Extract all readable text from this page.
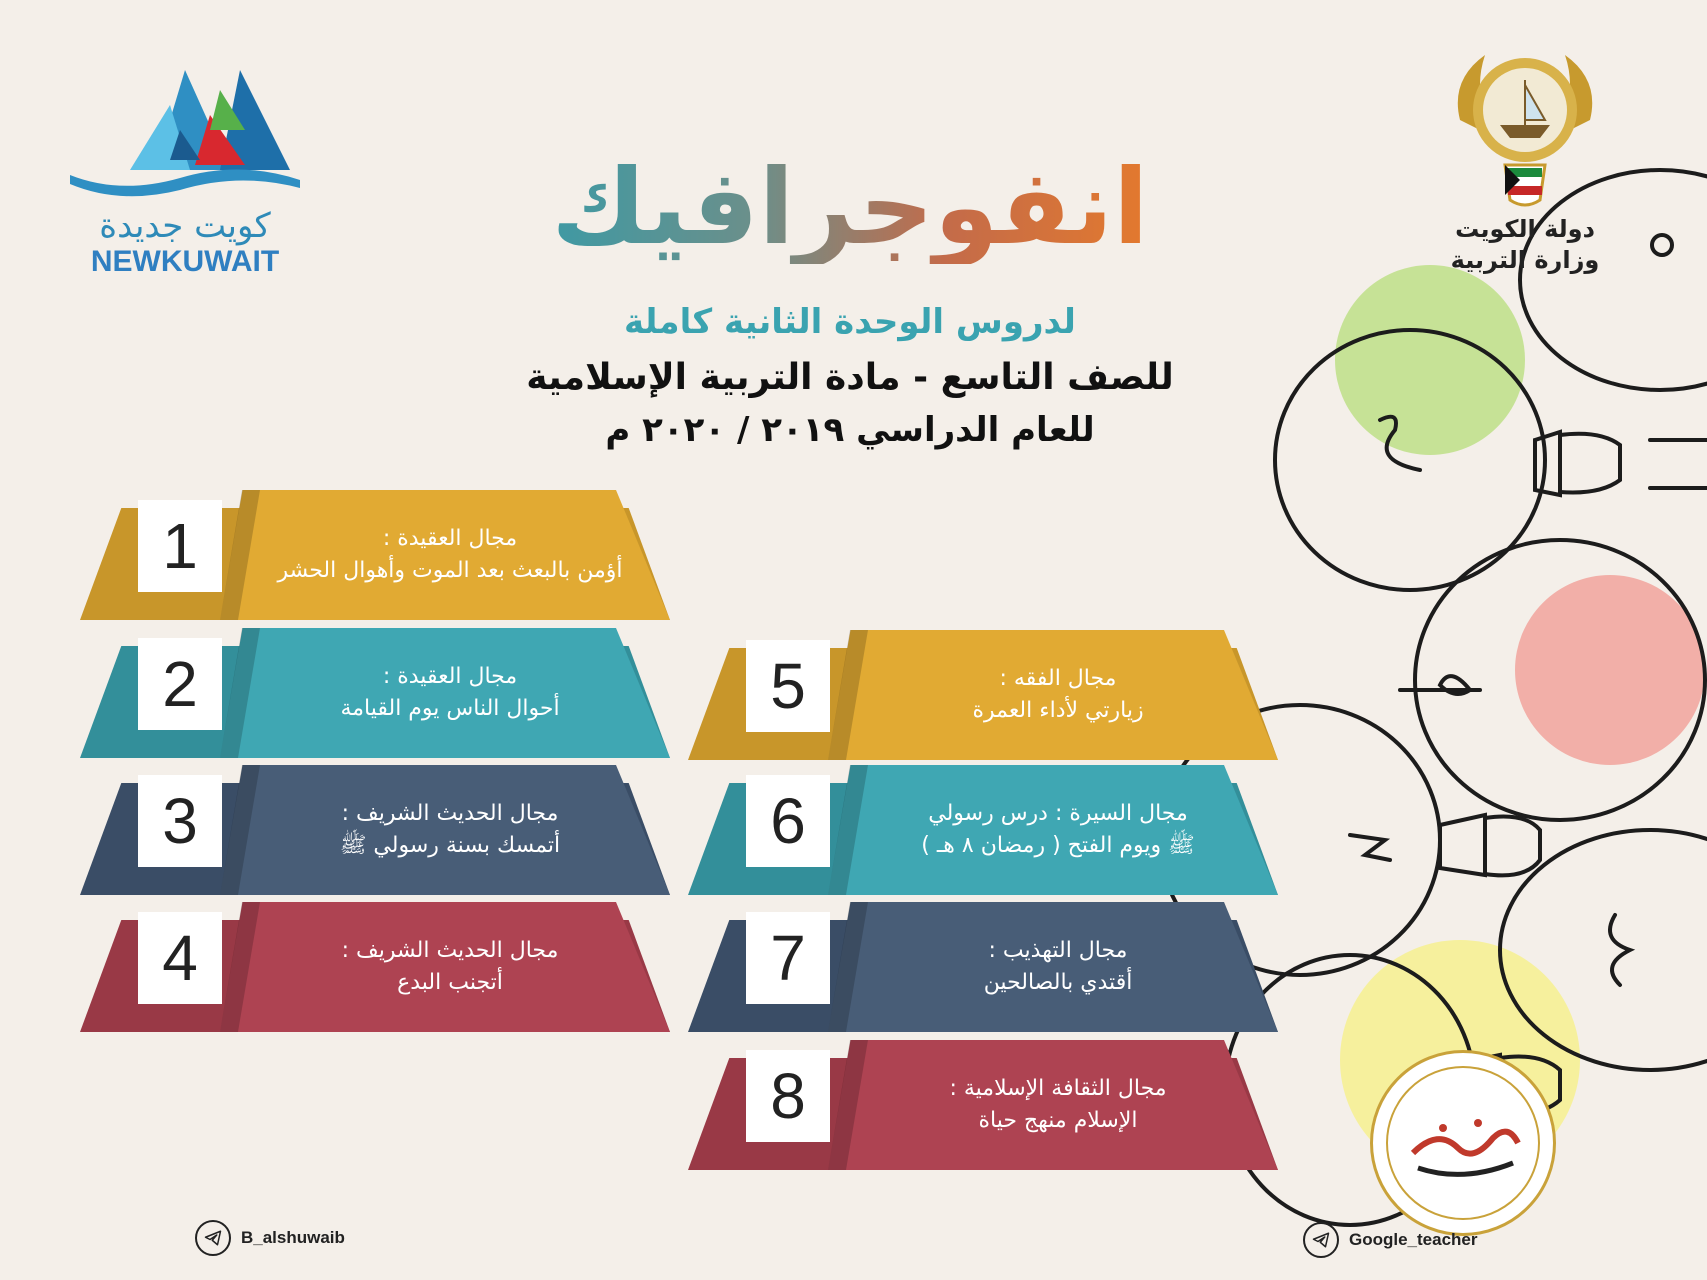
كويت جديدة
NEWKUWAIT
دولة الكويت
وزارة التربية
انفوجرافيك
لدروس الوحدة الثانية كاملة
للصف التاسع - مادة التربية الإسلامية
للعام الدراسي ٢٠١٩ / ٢٠٢٠ م
1	مجال العقيدة :
أؤمن بالبعث بعد الموت وأهوال الحشر
2	مجال العقيدة :
أحوال الناس يوم القيامة
3	مجال الحديث الشريف :
أتمسك بسنة رسولي ﷺ
4	مجال الحديث الشريف :
أتجنب البدع
5	مجال الفقه :
زيارتي لأداء العمرة
6	مجال السيرة : درس رسولي
ﷺ ويوم الفتح ( رمضان ٨ هـ )
7	مجال التهذيب :
أقتدي بالصالحين
8	مجال الثقافة الإسلامية :
الإسلام منهج حياة
B_alshuwaib	Google_teacher
